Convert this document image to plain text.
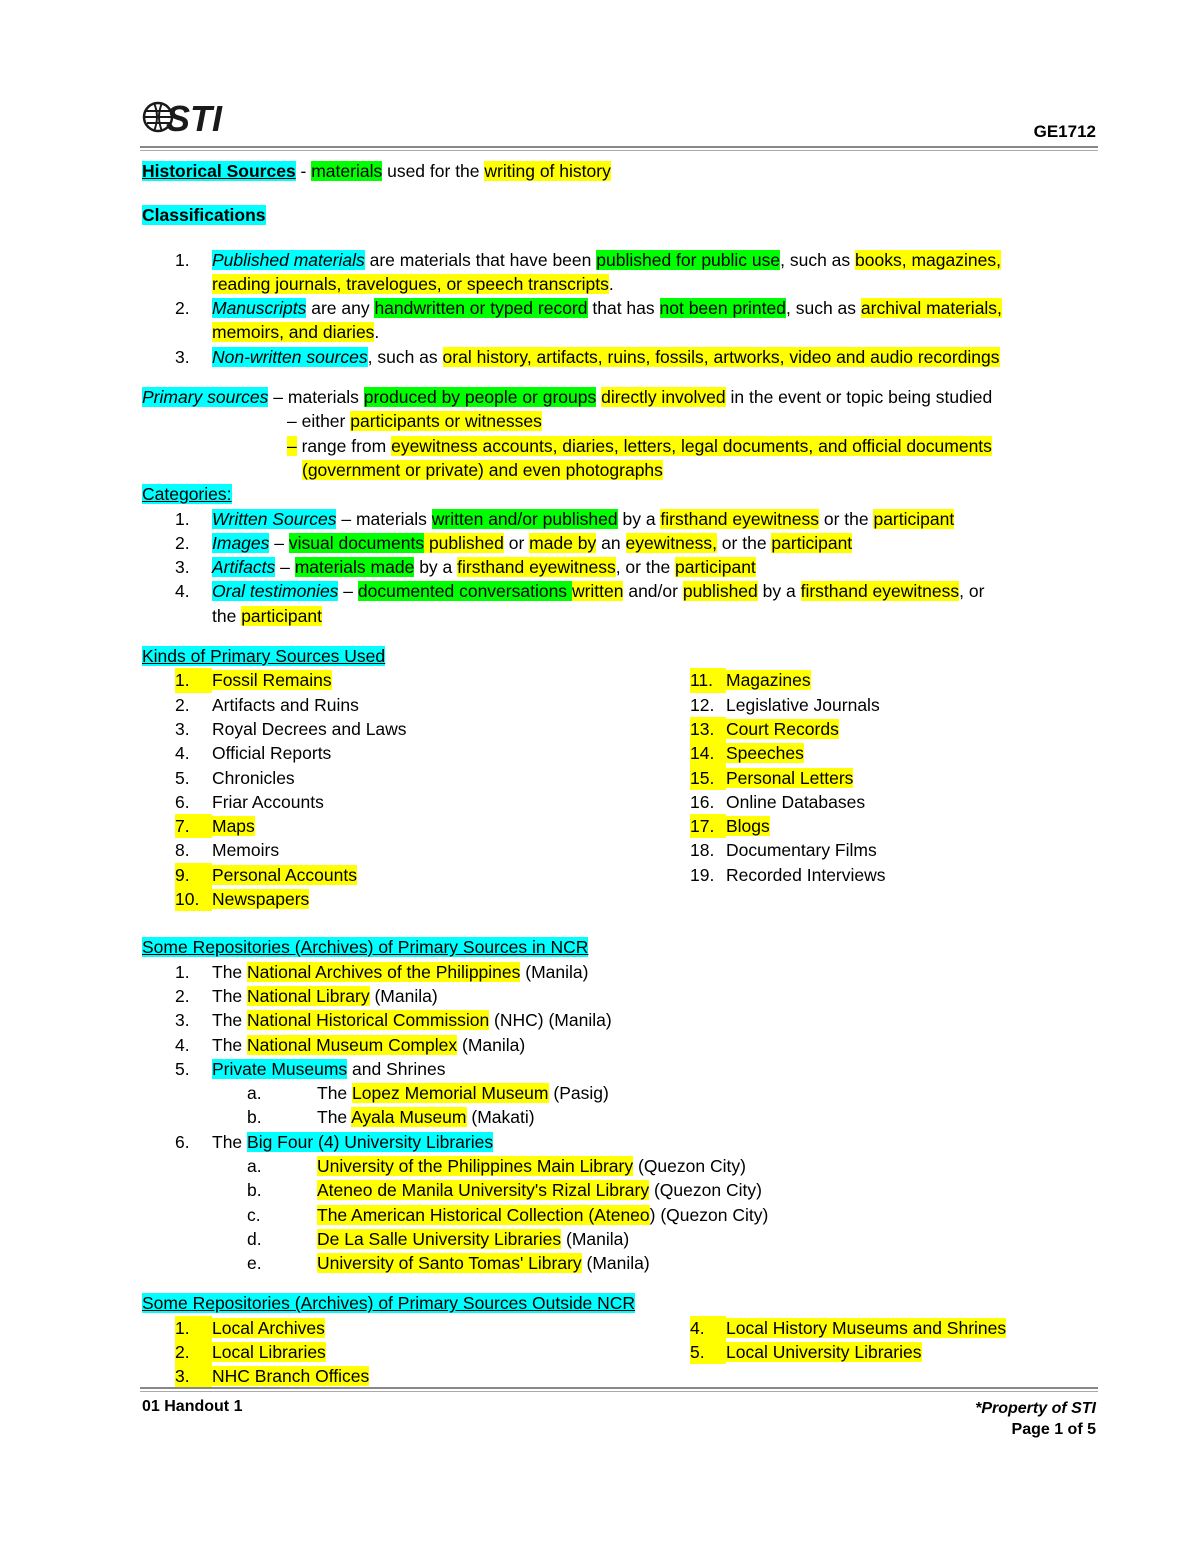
STI	GE1712
Historical Sources - materials used for the writing of history
Classifications
1.	Published materials are materials that have been published for public use, such as books, magazines,
reading journals, travelogues, or speech transcripts.
2.	Manuscripts are any handwritten or typed record that has not been printed, such as archival materials,
memoirs, and diaries.
3.	Non-written sources, such as oral history, artifacts, ruins, fossils, artworks, video and audio recordings
Primary sources – materials produced by people or groups directly involved in the event or topic being studied
– either participants or witnesses
– range from eyewitness accounts, diaries, letters, legal documents, and official documents
(government or private) and even photographs
Categories:
1.	Written Sources – materials written and/or published by a firsthand eyewitness or the participant
2.	Images – visual documents published or made by an eyewitness, or the participant
3.	Artifacts – materials made by a firsthand eyewitness, or the participant
4.	Oral testimonies – documented conversations written and/or published by a firsthand eyewitness, or
the participant
Kinds of Primary Sources Used
1.	Fossil Remains
2.	Artifacts and Ruins
3.	Royal Decrees and Laws
4.	Official Reports
5.	Chronicles
6.	Friar Accounts
7.	Maps
8.	Memoirs
9.	Personal Accounts
10. Newspapers
11. Magazines
12. Legislative Journals
13. Court Records
14. Speeches
15. Personal Letters
16. Online Databases
17. Blogs
18. Documentary Films
19. Recorded Interviews
Some Repositories (Archives) of Primary Sources in NCR
1.	The National Archives of the Philippines (Manila)
2.	The National Library (Manila)
3.	The National Historical Commission (NHC) (Manila)
4.	The National Museum Complex (Manila)
5.	Private Museums and Shrines
a.	The Lopez Memorial Museum (Pasig)
b.	The Ayala Museum (Makati)
6.	The Big Four (4) University Libraries
a.	University of the Philippines Main Library (Quezon City)
b.	Ateneo de Manila University's Rizal Library (Quezon City)
c.	The American Historical Collection (Ateneo) (Quezon City)
d.	De La Salle University Libraries (Manila)
e.	University of Santo Tomas' Library (Manila)
Some Repositories (Archives) of Primary Sources Outside NCR
1.	Local Archives
2.	Local Libraries
3.	NHC Branch Offices
4.	Local History Museums and Shrines
5.	Local University Libraries
01 Handout 1	*Property of STI
Page 1 of 5
